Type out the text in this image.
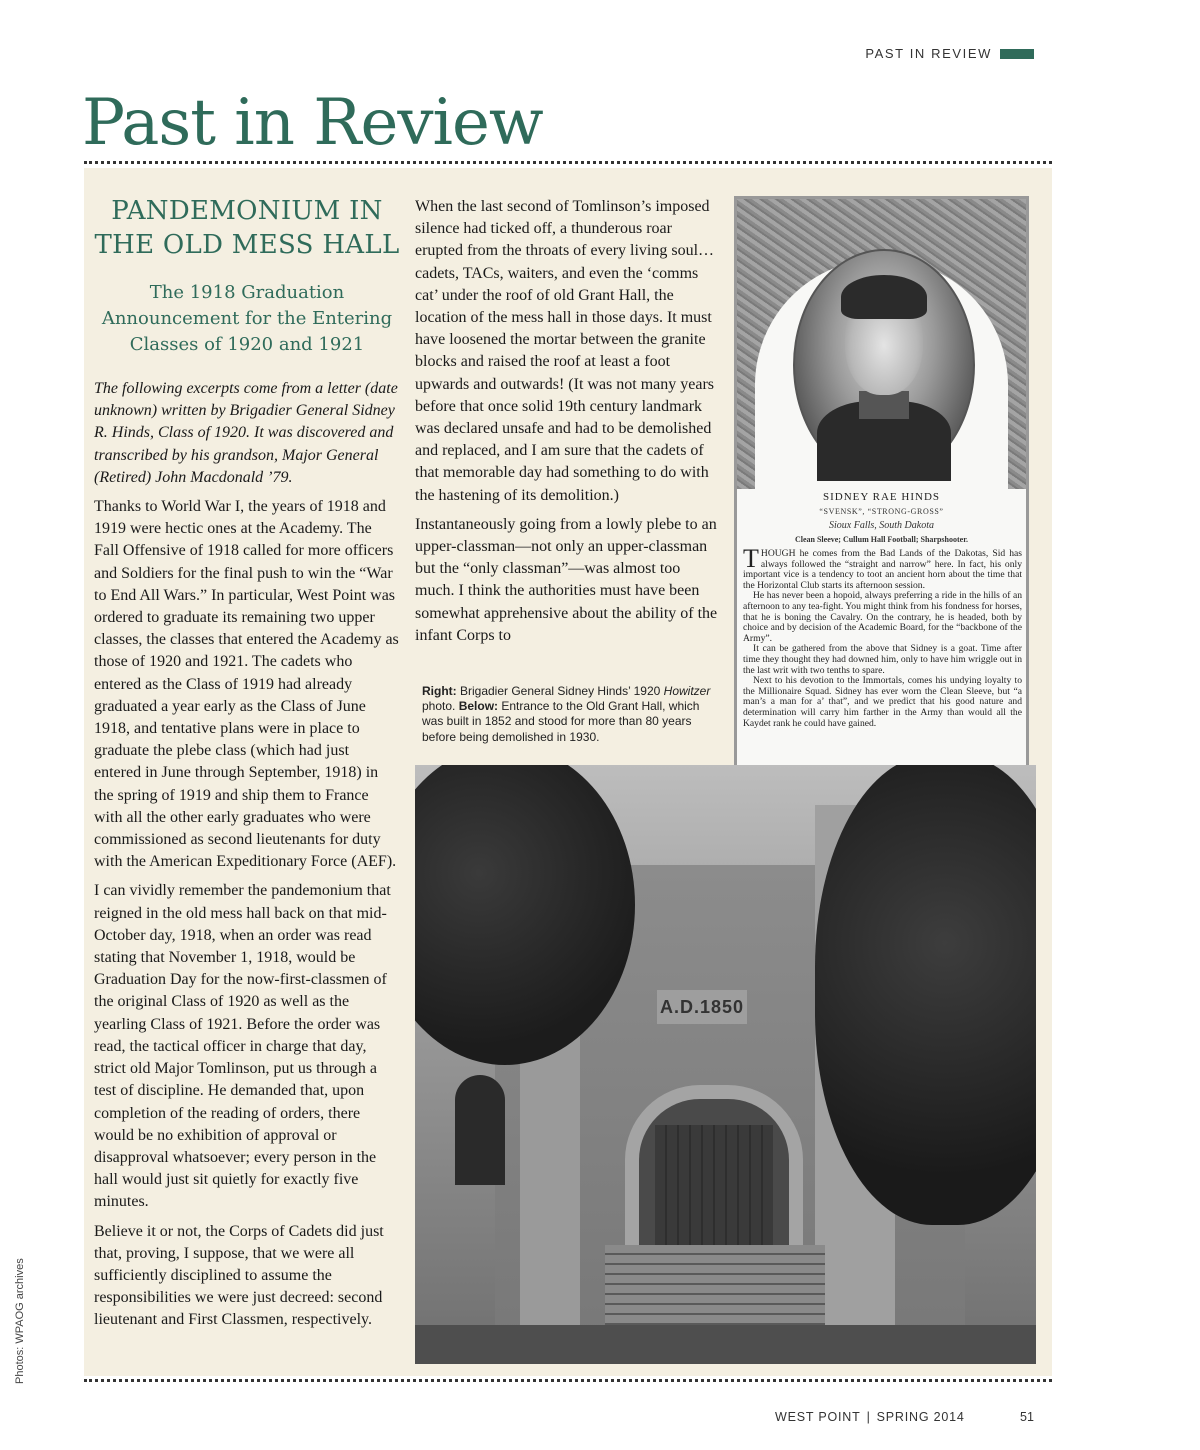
PAST IN REVIEW
Past in Review
PANDEMONIUM IN THE OLD MESS HALL

The 1918 Graduation Announcement for the Entering Classes of 1920 and 1921

The following excerpts come from a letter (date unknown) written by Brigadier General Sidney R. Hinds, Class of 1920. It was discovered and transcribed by his grandson, Major General (Retired) John Macdonald ’79.

Thanks to World War I, the years of 1918 and 1919 were hectic ones at the Academy. The Fall Offensive of 1918 called for more officers and Soldiers for the final push to win the “War to End All Wars.” In particular, West Point was ordered to graduate its remaining two upper classes, the classes that entered the Academy as those of 1920 and 1921. The cadets who entered as the Class of 1919 had already graduated a year early as the Class of June 1918, and tentative plans were in place to graduate the plebe class (which had just entered in June through September, 1918) in the spring of 1919 and ship them to France with all the other early graduates who were commissioned as second lieutenants for duty with the American Expeditionary Force (AEF).

I can vividly remember the pandemonium that reigned in the old mess hall back on that mid-October day, 1918, when an order was read stating that November 1, 1918, would be Graduation Day for the now-first-classmen of the original Class of 1920 as well as the yearling Class of 1921. Before the order was read, the tactical officer in charge that day, strict old Major Tomlinson, put us through a test of discipline. He demanded that, upon completion of the reading of orders, there would be no exhibition of approval or disapproval whatsoever; every person in the hall would just sit quietly for exactly five minutes.

Believe it or not, the Corps of Cadets did just that, proving, I suppose, that we were all sufficiently disciplined to assume the responsibilities we were just decreed: second lieutenant and First Classmen, respectively.

When the last second of Tomlinson’s imposed silence had ticked off, a thunderous roar erupted from the throats of every living soul… cadets, TACs, waiters, and even the ‘comms cat’ under the roof of old Grant Hall, the location of the mess hall in those days. It must have loosened the mortar between the granite blocks and raised the roof at least a foot upwards and outwards! (It was not many years before that once solid 19th century landmark was declared unsafe and had to be demolished and replaced, and I am sure that the cadets of that memorable day had something to do with the hastening of its demolition.)

Instantaneously going from a lowly plebe to an upper-classman—not only an upper-classman but the “only classman”—was almost too much. I think the authorities must have been somewhat apprehensive about the ability of the infant Corps to

SIDNEY RAE HINDS
“SVENSK”, “STRONG-GROSS”
Sioux Falls, South Dakota
Clean Sleeve; Cullum Hall Football; Sharpshooter.

THOUGH he comes from the Bad Lands of the Dakotas, Sid has always followed the “straight and narrow” here. In fact, his only important vice is a tendency to toot an ancient horn about the time that the Horizontal Club starts its afternoon session.

He has never been a hopoid, always preferring a ride in the hills of an afternoon to any tea-fight. You might think from his fondness for horses, that he is boning the Cavalry. On the contrary, he is headed, both by choice and by decision of the Academic Board, for the “backbone of the Army”.

It can be gathered from the above that Sidney is a goat. Time after time they thought they had downed him, only to have him wriggle out in the last writ with two tenths to spare.

Next to his devotion to the Immortals, comes his undying loyalty to the Millionaire Squad. Sidney has ever worn the Clean Sleeve, but “a man’s a man for a’ that”, and we predict that his good nature and determination will carry him farther in the Army than would all the Kaydet rank he could have gained.

Right: Brigadier General Sidney Hinds’ 1920 Howitzer photo. Below: Entrance to the Old Grant Hall, which was built in 1852 and stood for more than 80 years before being demolished in 1930.
A.D.1850
Photos: WPAOG archives
WEST POINT | SPRING 2014	51
